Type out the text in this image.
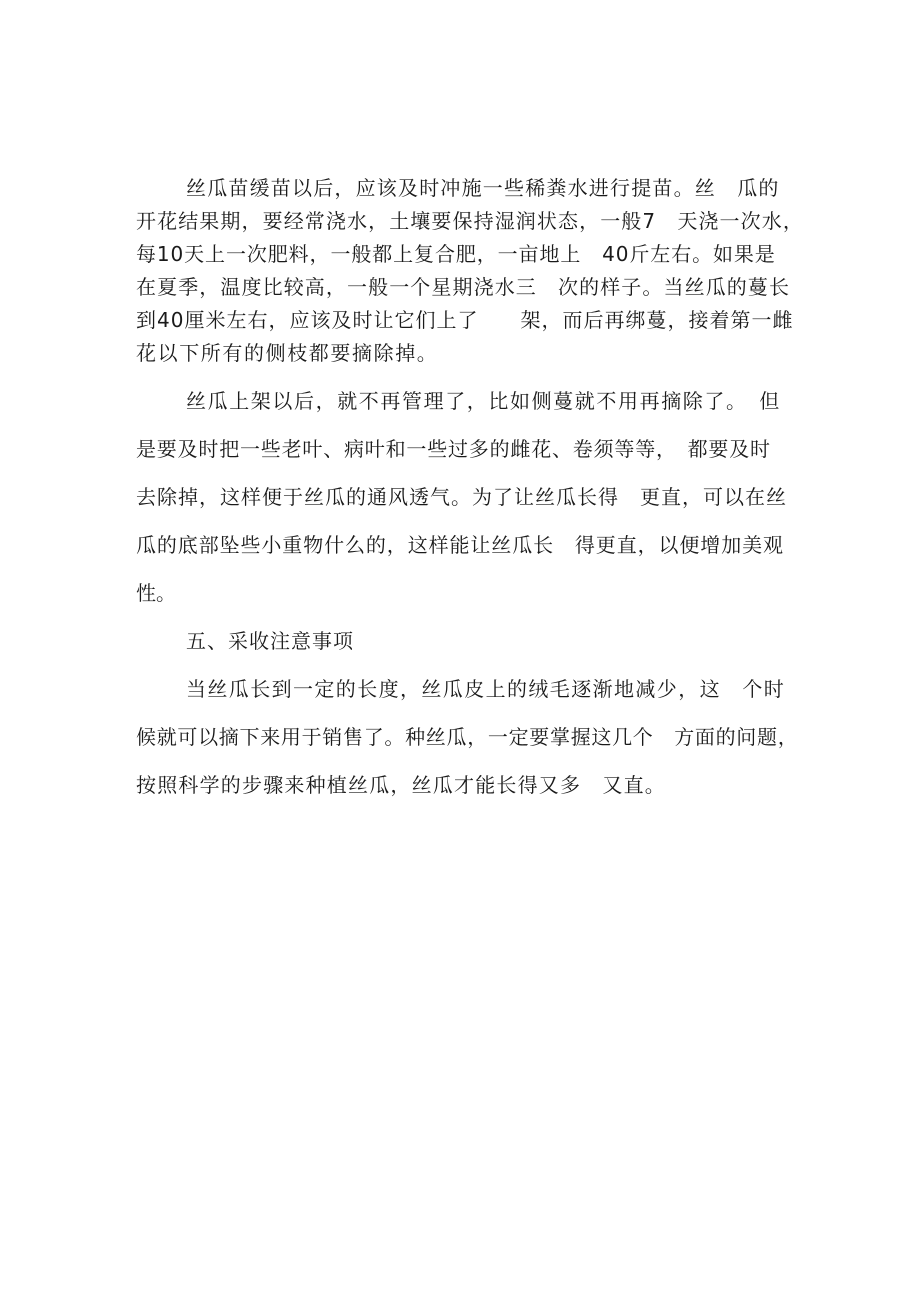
丝瓜苗缓苗以后，应该及时冲施一些稀粪水进行提苗。丝　瓜的
开花结果期，要经常浇水，土壤要保持湿润状态，一般7　天浇一次水，
每10天上一次肥料，一般都上复合肥，一亩地上　40斤左右。如果是
在夏季，温度比较高，一般一个星期浇水三　次的样子。当丝瓜的蔓长
到40厘米左右，应该及时让它们上了　　架，而后再绑蔓，接着第一雌
花以下所有的侧枝都要摘除掉。
丝瓜上架以后，就不再管理了，比如侧蔓就不用再摘除了。　但
是要及时把一些老叶、病叶和一些过多的雌花、卷须等等，　都要及时
去除掉，这样便于丝瓜的通风透气。为了让丝瓜长得　更直，可以在丝
瓜的底部坠些小重物什么的，这样能让丝瓜长　得更直，以便增加美观
性。
五、采收注意事项
当丝瓜长到一定的长度，丝瓜皮上的绒毛逐渐地减少，这　个时
候就可以摘下来用于销售了。种丝瓜，一定要掌握这几个　方面的问题，
按照科学的步骤来种植丝瓜，丝瓜才能长得又多　又直。
